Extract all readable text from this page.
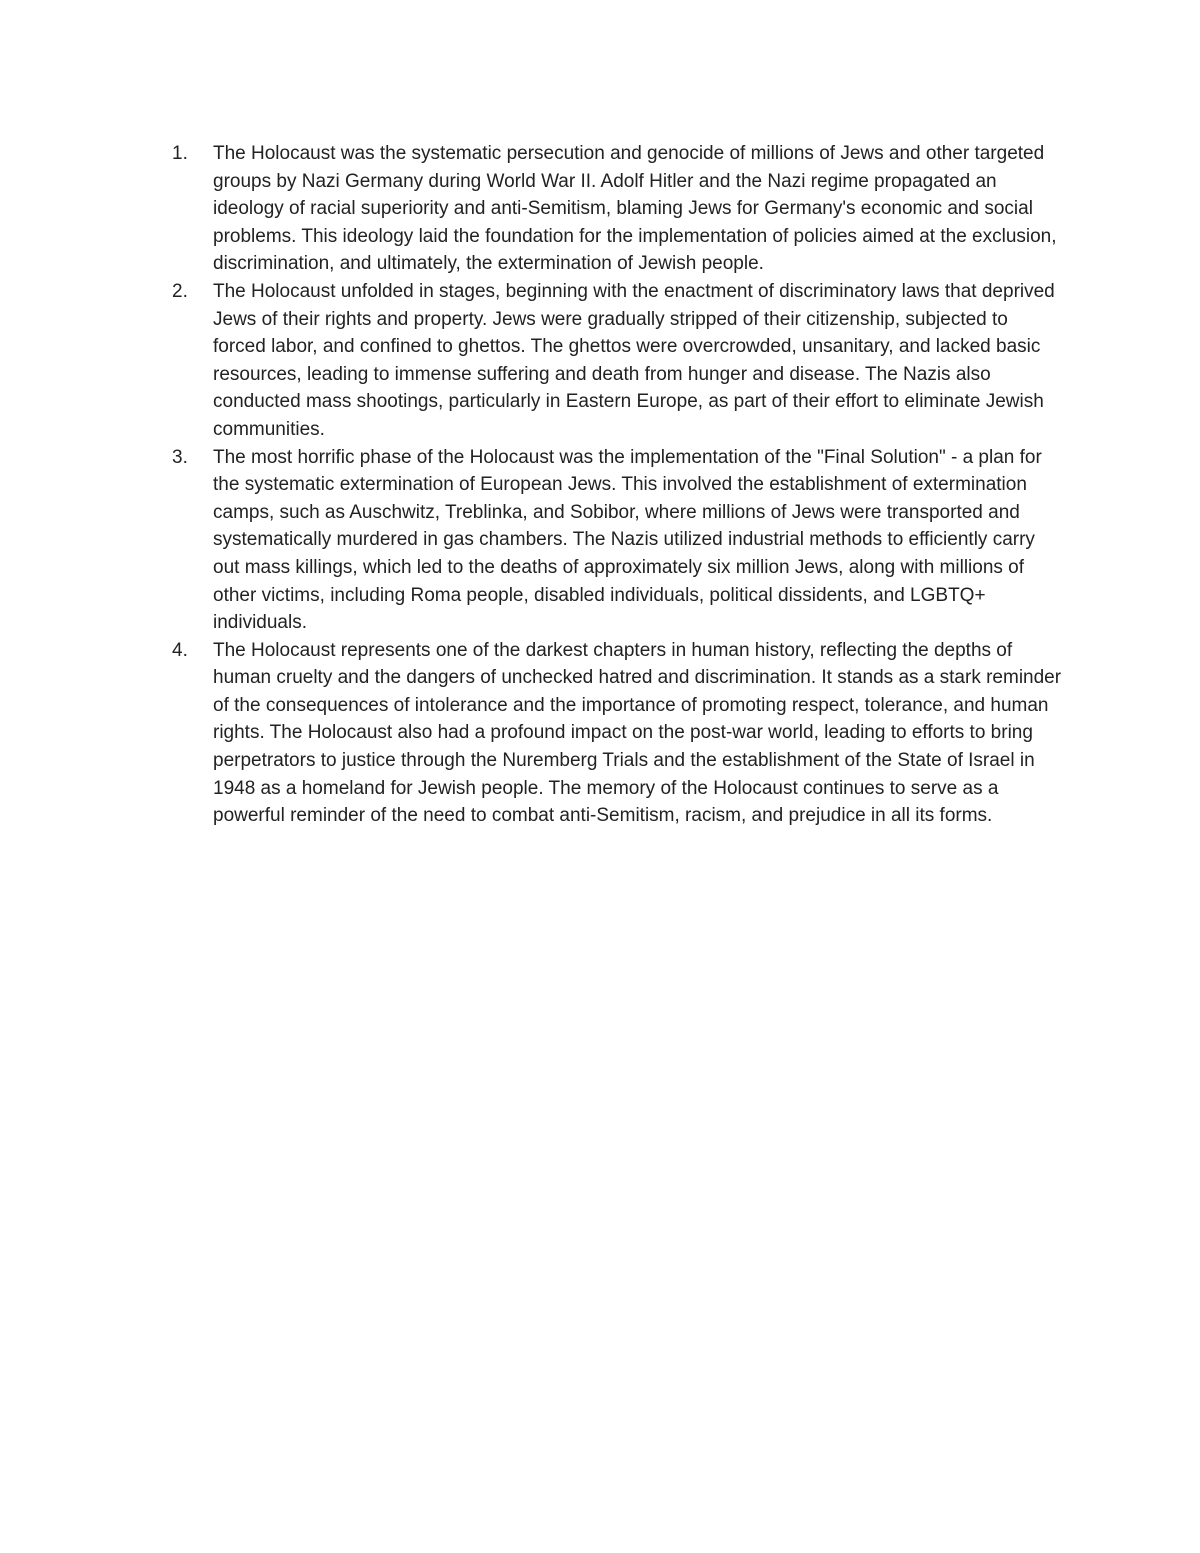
1.	The Holocaust was the systematic persecution and genocide of millions of Jews and other targeted groups by Nazi Germany during World War II. Adolf Hitler and the Nazi regime propagated an ideology of racial superiority and anti-Semitism, blaming Jews for Germany's economic and social problems. This ideology laid the foundation for the implementation of policies aimed at the exclusion, discrimination, and ultimately, the extermination of Jewish people.
2.	The Holocaust unfolded in stages, beginning with the enactment of discriminatory laws that deprived Jews of their rights and property. Jews were gradually stripped of their citizenship, subjected to forced labor, and confined to ghettos. The ghettos were overcrowded, unsanitary, and lacked basic resources, leading to immense suffering and death from hunger and disease. The Nazis also conducted mass shootings, particularly in Eastern Europe, as part of their effort to eliminate Jewish communities.
3.	The most horrific phase of the Holocaust was the implementation of the "Final Solution" - a plan for the systematic extermination of European Jews. This involved the establishment of extermination camps, such as Auschwitz, Treblinka, and Sobibor, where millions of Jews were transported and systematically murdered in gas chambers. The Nazis utilized industrial methods to efficiently carry out mass killings, which led to the deaths of approximately six million Jews, along with millions of other victims, including Roma people, disabled individuals, political dissidents, and LGBTQ+ individuals.
4.	The Holocaust represents one of the darkest chapters in human history, reflecting the depths of human cruelty and the dangers of unchecked hatred and discrimination. It stands as a stark reminder of the consequences of intolerance and the importance of promoting respect, tolerance, and human rights. The Holocaust also had a profound impact on the post-war world, leading to efforts to bring perpetrators to justice through the Nuremberg Trials and the establishment of the State of Israel in 1948 as a homeland for Jewish people. The memory of the Holocaust continues to serve as a powerful reminder of the need to combat anti-Semitism, racism, and prejudice in all its forms.
